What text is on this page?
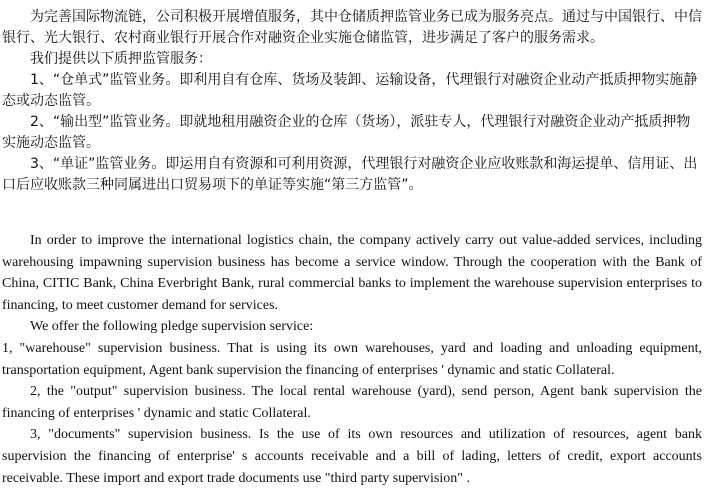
为完善国际物流链，公司积极开展增值服务，其中仓储质押监管业务已成为服务亮点。通过与中国银行、中信银行、光大银行、农村商业银行开展合作对融资企业实施仓储监管，进步满足了客户的服务需求。

我们提供以下质押监管服务：

1、“仓单式”监管业务。即利用自有仓库、货场及装卸、运输设备，代理银行对融资企业动产抵质押物实施静态或动态监管。

2、“输出型”监管业务。即就地租用融资企业的仓库（货场），派驻专人，代理银行对融资企业动产抵质押物实施动态监管。

3、“单证”监管业务。即运用自有资源和可利用资源，代理银行对融资企业应收账款和海运提单、信用证、出口后应收账款三种同属进出口贸易项下的单证等实施“第三方监管”。

In order to improve the international logistics chain, the company actively carry out value-added services, including warehousing impawning supervision business has become a service window. Through the cooperation with the Bank of China, CITIC Bank, China Everbright Bank, rural commercial banks to implement the warehouse supervision enterprises to financing, to meet customer demand for services.

We offer the following pledge supervision service:

1, "warehouse" supervision business. That is using its own warehouses, yard and loading and unloading equipment, transportation equipment, Agent bank supervision the financing of enterprises ' dynamic and static Collateral.

2, the "output" supervision business. The local rental warehouse (yard), send person, Agent bank supervision the financing of enterprises ' dynamic and static Collateral.

3, "documents" supervision business. Is the use of its own resources and utilization of resources, agent bank supervision the financing of enterprise' s accounts receivable and a bill of lading, letters of credit, export accounts receivable. These import and export trade documents use "third party supervision" .
